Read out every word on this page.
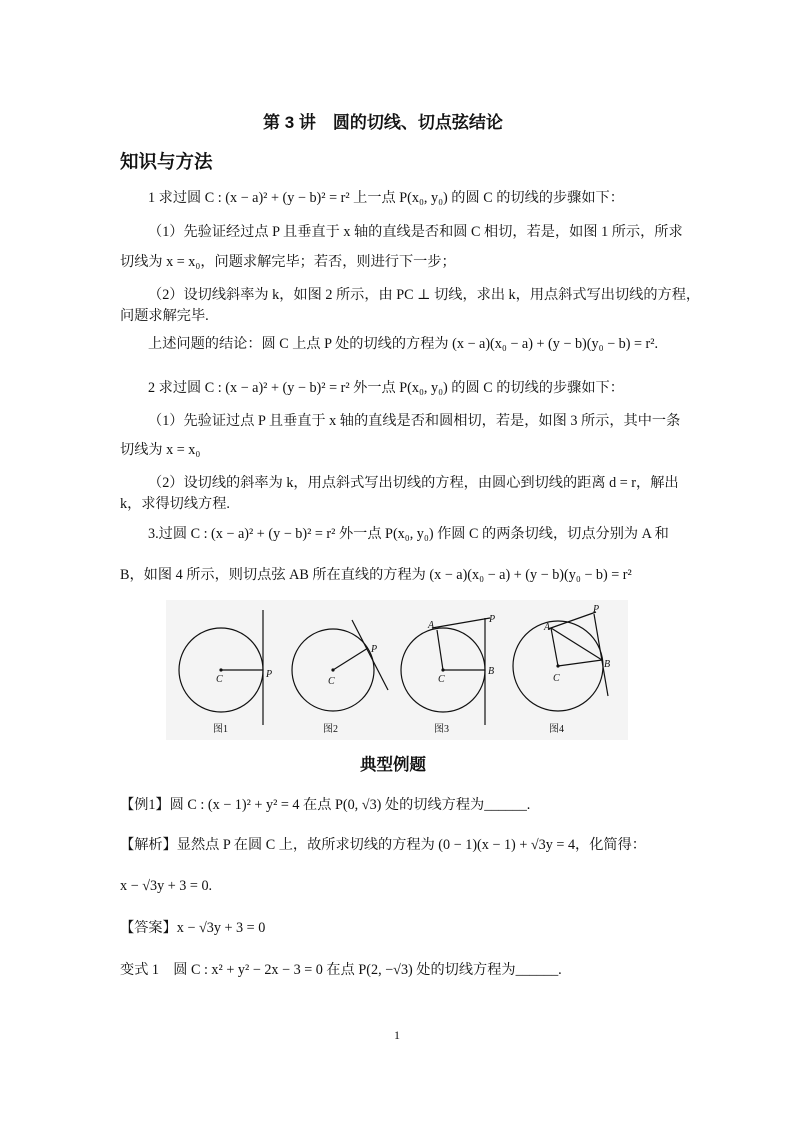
第 3 讲　圆的切线、切点弦结论
知识与方法
1 求过圆 C : (x − a)² + (y − b)² = r² 上一点 P(x₀, y₀) 的圆 C 的切线的步骤如下：
（1）先验证经过点 P 且垂直于 x 轴的直线是否和圆 C 相切，若是，如图 1 所示，所求
切线为 x = x₀，问题求解完毕；若否，则进行下一步；
（2）设切线斜率为 k，如图 2 所示，由 PC ⊥ 切线，求出 k，用点斜式写出切线的方程，
问题求解完毕.
上述问题的结论：圆 C 上点 P 处的切线的方程为 (x − a)(x₀ − a) + (y − b)(y₀ − b) = r².
2 求过圆 C : (x − a)² + (y − b)² = r² 外一点 P(x₀, y₀) 的圆 C 的切线的步骤如下：
（1）先验证过点 P 且垂直于 x 轴的直线是否和圆相切，若是，如图 3 所示，其中一条
切线为 x = x₀
（2）设切线的斜率为 k，用点斜式写出切线的方程，由圆心到切线的距离 d = r，解出
k，求得切线方程.
3.过圆 C : (x − a)² + (y − b)² = r² 外一点 P(x₀, y₀) 作圆 C 的两条切线，切点分别为 A 和
B，如图 4 所示，则切点弦 AB 所在直线的方程为 (x − a)(x₀ − a) + (y − b)(y₀ − b) = r²
C	P
C
P
C
A
P
B
C
A
P
B
图1	图2	图3	图4
典型例题
【例1】圆 C : (x − 1)² + y² = 4 在点 P(0, √3) 处的切线方程为______.
【解析】显然点 P 在圆 C 上，故所求切线的方程为 (0 − 1)(x − 1) + √3y = 4，化简得：
x − √3y + 3 = 0.
【答案】x − √3y + 3 = 0
变式 1　圆 C : x² + y² − 2x − 3 = 0 在点 P(2, −√3) 处的切线方程为______.
1
